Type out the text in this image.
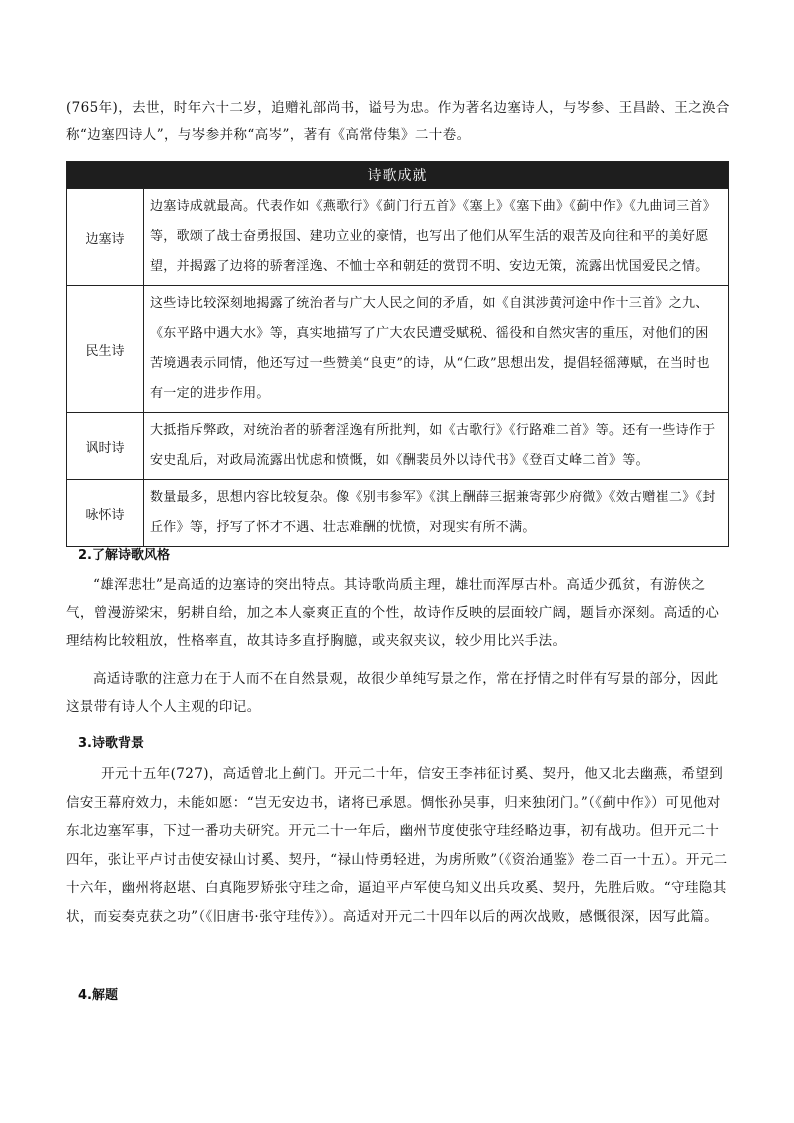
(765年)，去世，时年六十二岁，追赠礼部尚书，谥号为忠。作为著名边塞诗人，与岑参、王昌龄、王之涣合称“边塞四诗人”，与岑参并称“高岑”，著有《高常侍集》二十卷。

诗歌成就	
边塞诗	边塞诗成就最高。代表作如《燕歌行》《蓟门行五首》《塞上》《塞下曲》《蓟中作》《九曲词三首》等，歌颂了战士奋勇报国、建功立业的豪情，也写出了他们从军生活的艰苦及向往和平的美好愿望，并揭露了边将的骄奢淫逸、不恤士卒和朝廷的赏罚不明、安边无策，流露出忧国爱民之情。
民生诗	这些诗比较深刻地揭露了统治者与广大人民之间的矛盾，如《自淇涉黄河途中作十三首》之九、《东平路中遇大水》等，真实地描写了广大农民遭受赋税、徭役和自然灾害的重压，对他们的困苦境遇表示同情，他还写过一些赞美“良吏”的诗，从“仁政”思想出发，提倡轻徭薄赋，在当时也有一定的进步作用。
讽时诗	大抵指斥弊政，对统治者的骄奢淫逸有所批判，如《古歌行》《行路难二首》等。还有一些诗作于安史乱后，对政局流露出忧虑和愤慨，如《酬裴员外以诗代书》《登百丈峰二首》等。
咏怀诗	数量最多，思想内容比较复杂。像《别韦参军》《淇上酬薛三据兼寄郭少府微》《效古赠崔二》《封丘作》等，抒写了怀才不遇、壮志难酬的忧愤，对现实有所不满。
2.了解诗歌风格

“雄浑悲壮”是高适的边塞诗的突出特点。其诗歌尚质主理，雄壮而浑厚古朴。高适少孤贫，有游侠之气，曾漫游梁宋，躬耕自给，加之本人豪爽正直的个性，故诗作反映的层面较广阔，题旨亦深刻。高适的心理结构比较粗放，性格率直，故其诗多直抒胸臆，或夹叙夹议，较少用比兴手法。

高适诗歌的注意力在于人而不在自然景观，故很少单纯写景之作，常在抒情之时伴有写景的部分，因此这景带有诗人个人主观的印记。

3.诗歌背景

开元十五年(727)，高适曾北上蓟门。开元二十年，信安王李祎征讨奚、契丹，他又北去幽燕，希望到信安王幕府效力，未能如愿：“岂无安边书，诸将已承恩。惆怅孙吴事，归来独闭门。”（《蓟中作》）可见他对东北边塞军事，下过一番功夫研究。开元二十一年后，幽州节度使张守珪经略边事，初有战功。但开元二十四年，张让平卢讨击使安禄山讨奚、契丹，“禄山恃勇轻进，为虏所败”（《资治通鉴》卷二百一十五）。开元二十六年，幽州将赵堪、白真陁罗矫张守珪之命，逼迫平卢军使乌知义出兵攻奚、契丹，先胜后败。“守珪隐其状，而妄奏克获之功”（《旧唐书·张守珪传》）。高适对开元二十四年以后的两次战败，感慨很深，因写此篇。

4.解题
